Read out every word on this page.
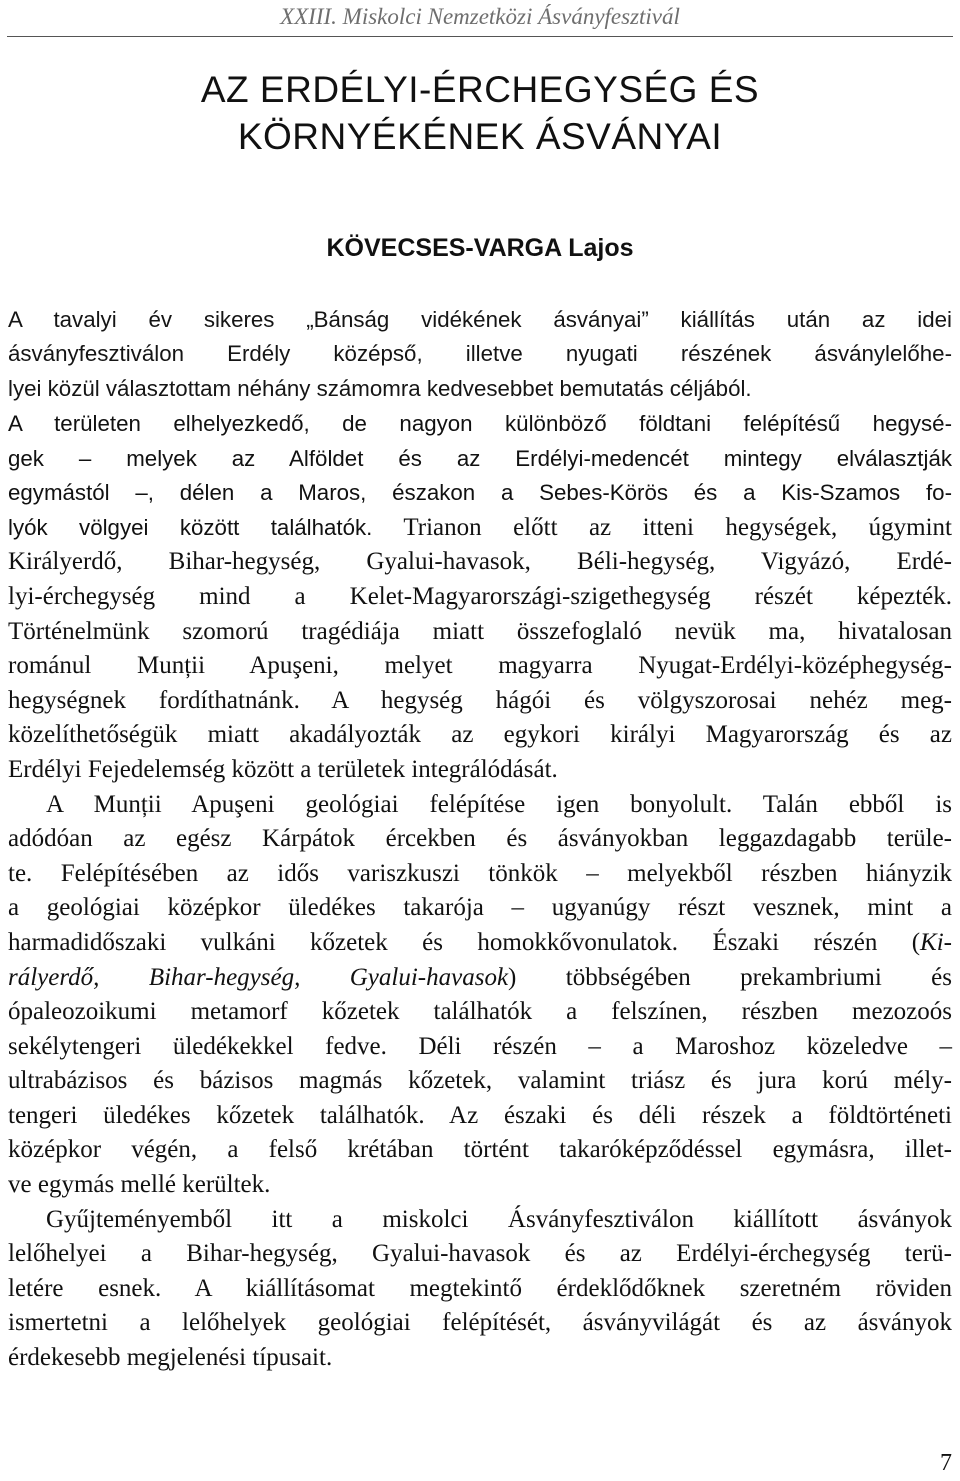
XXIII. Miskolci Nemzetközi Ásványfesztivál
AZ ERDÉLYI-ÉRCHEGYSÉG ÉS
KÖRNYÉKÉNEK ÁSVÁNYAI
KÖVECSES-VARGA Lajos
A tavalyi év sikeres „Bánság vidékének ásványai” kiállítás után az idei
ásványfesztiválon Erdély középső, illetve nyugati részének ásványlelőhe-
lyei közül választottam néhány számomra kedvesebbet bemutatás céljából.
A területen elhelyezkedő, de nagyon különböző földtani felépítésű hegysé-
gek – melyek az Alföldet és az Erdélyi-medencét mintegy elválasztják
egymástól –, délen a Maros, északon a Sebes-Körös és a Kis-Szamos fo-
lyók völgyei között találhatók. Trianon előtt az itteni hegységek, úgymint
Királyerdő, Bihar-hegység, Gyalui-havasok, Béli-hegység, Vigyázó, Erdé-
lyi-érchegység mind a Kelet-Magyarországi-szigethegység részét képezték.
Történelmünk szomorú tragédiája miatt összefoglaló nevük ma, hivatalosan
románul Munții Apuşeni, melyet magyarra Nyugat-Erdélyi-középhegység-
hegységnek fordíthatnánk. A hegység hágói és völgyszorosai nehéz meg-
közelíthetőségük miatt akadályozták az egykori királyi Magyarország és az
Erdélyi Fejedelemség között a területek integrálódását.
A Munții Apuşeni geológiai felépítése igen bonyolult. Talán ebből is
adódóan az egész Kárpátok ércekben és ásványokban leggazdagabb terüle-
te. Felépítésében az idős variszkuszi tönkök – melyekből részben hiányzik
a geológiai középkor üledékes takarója – ugyanúgy részt vesznek, mint a
harmadidőszaki vulkáni kőzetek és homokkővonulatok. Északi részén (Ki-
rályerdő, Bihar-hegység, Gyalui-havasok) többségében prekambriumi és
ópaleozoikumi metamorf kőzetek találhatók a felszínen, részben mezozoós
sekélytengeri üledékekkel fedve. Déli részén – a Maroshoz közeledve –
ultrabázisos és bázisos magmás kőzetek, valamint triász és jura korú mély-
tengeri üledékes kőzetek találhatók. Az északi és déli részek a földtörténeti
középkor végén, a felső krétában történt takaróképződéssel egymásra, illet-
ve egymás mellé kerültek.
Gyűjteményemből itt a miskolci Ásványfesztiválon kiállított ásványok
lelőhelyei a Bihar-hegység, Gyalui-havasok és az Erdélyi-érchegység terü-
letére esnek. A kiállításomat megtekintő érdeklődőknek szeretném röviden
ismertetni a lelőhelyek geológiai felépítését, ásványvilágát és az ásványok
érdekesebb megjelenési típusait.
7
